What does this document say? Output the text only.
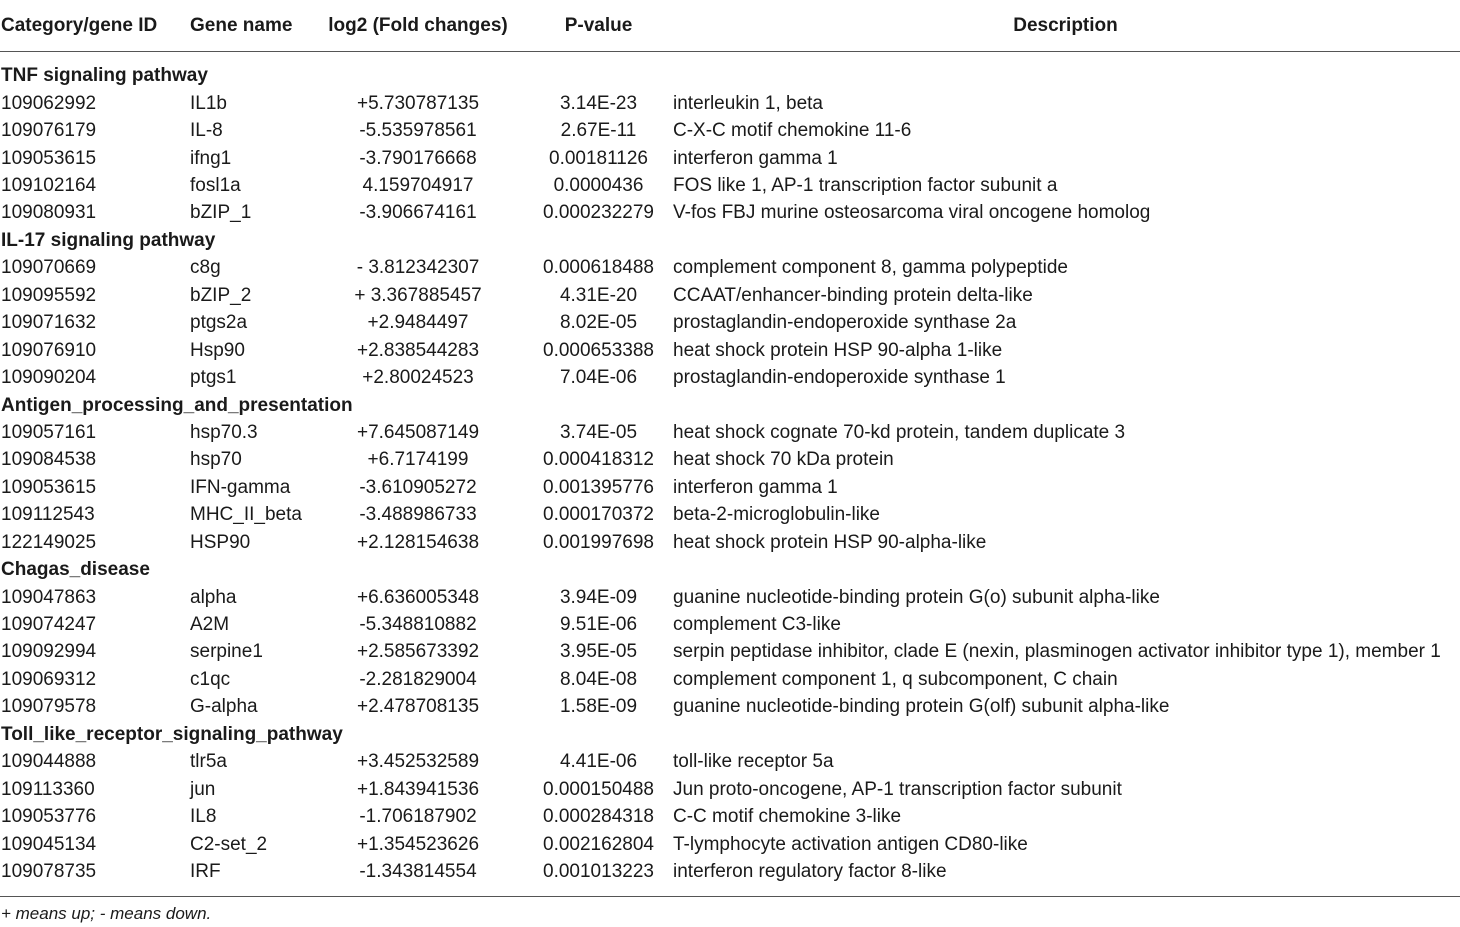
Category/gene ID	Gene name	log2 (Fold changes)	P-value	Description
TNF signaling pathway				
109062992	IL1b	+5.730787135	3.14E-23	interleukin 1, beta
109076179	IL-8	-5.535978561	2.67E-11	C-X-C motif chemokine 11-6
109053615	ifng1	-3.790176668	0.00181126	interferon gamma 1
109102164	fosl1a	4.159704917	0.0000436	FOS like 1, AP-1 transcription factor subunit a
109080931	bZIP_1	-3.906674161	0.000232279	V-fos FBJ murine osteosarcoma viral oncogene homolog
IL-17 signaling pathway				
109070669	c8g	- 3.812342307	0.000618488	complement component 8, gamma polypeptide
109095592	bZIP_2	+ 3.367885457	4.31E-20	CCAAT/enhancer-binding protein delta-like
109071632	ptgs2a	+2.9484497	8.02E-05	prostaglandin-endoperoxide synthase 2a
109076910	Hsp90	+2.838544283	0.000653388	heat shock protein HSP 90-alpha 1-like
109090204	ptgs1	+2.80024523	7.04E-06	prostaglandin-endoperoxide synthase 1
Antigen_processing_and_presentation				
109057161	hsp70.3	+7.645087149	3.74E-05	heat shock cognate 70-kd protein, tandem duplicate 3
109084538	hsp70	+6.7174199	0.000418312	heat shock 70 kDa protein
109053615	IFN-gamma	-3.610905272	0.001395776	interferon gamma 1
109112543	MHC_II_beta	-3.488986733	0.000170372	beta-2-microglobulin-like
122149025	HSP90	+2.128154638	0.001997698	heat shock protein HSP 90-alpha-like
Chagas_disease				
109047863	alpha	+6.636005348	3.94E-09	guanine nucleotide-binding protein G(o) subunit alpha-like
109074247	A2M	-5.348810882	9.51E-06	complement C3-like
109092994	serpine1	+2.585673392	3.95E-05	serpin peptidase inhibitor, clade E (nexin, plasminogen activator inhibitor type 1), member 1
109069312	c1qc	-2.281829004	8.04E-08	complement component 1, q subcomponent, C chain
109079578	G-alpha	+2.478708135	1.58E-09	guanine nucleotide-binding protein G(olf) subunit alpha-like
Toll_like_receptor_signaling_pathway				
109044888	tlr5a	+3.452532589	4.41E-06	toll-like receptor 5a
109113360	jun	+1.843941536	0.000150488	Jun proto-oncogene, AP-1 transcription factor subunit
109053776	IL8	-1.706187902	0.000284318	C-C motif chemokine 3-like
109045134	C2-set_2	+1.354523626	0.002162804	T-lymphocyte activation antigen CD80-like
109078735	IRF	-1.343814554	0.001013223	interferon regulatory factor 8-like
+ means up; - means down.
